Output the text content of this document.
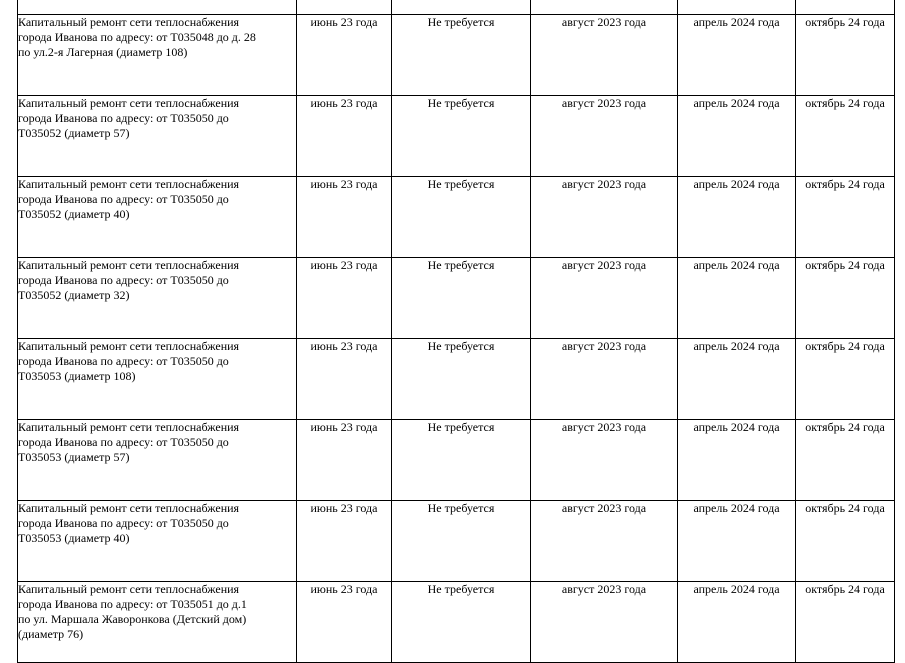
Капитальный ремонт сети теплоснабжения
города Иванова по адресу: от Т035048 до д. 28
по ул.2-я Лагерная (диаметр 108)	июнь 23 года	Не требуется	август 2023 года	апрель 2024 года	октябрь 24 года
Капитальный ремонт сети теплоснабжения
города Иванова по адресу: от Т035050 до
Т035052 (диаметр 57)	июнь 23 года	Не требуется	август 2023 года	апрель 2024 года	октябрь 24 года
Капитальный ремонт сети теплоснабжения
города Иванова по адресу: от Т035050 до
Т035052 (диаметр 40)	июнь 23 года	Не требуется	август 2023 года	апрель 2024 года	октябрь 24 года
Капитальный ремонт сети теплоснабжения
города Иванова по адресу: от Т035050 до
Т035052 (диаметр 32)	июнь 23 года	Не требуется	август 2023 года	апрель 2024 года	октябрь 24 года
Капитальный ремонт сети теплоснабжения
города Иванова по адресу: от Т035050 до
Т035053 (диаметр 108)	июнь 23 года	Не требуется	август 2023 года	апрель 2024 года	октябрь 24 года
Капитальный ремонт сети теплоснабжения
города Иванова по адресу: от Т035050 до
Т035053 (диаметр 57)	июнь 23 года	Не требуется	август 2023 года	апрель 2024 года	октябрь 24 года
Капитальный ремонт сети теплоснабжения
города Иванова по адресу: от Т035050 до
Т035053 (диаметр 40)	июнь 23 года	Не требуется	август 2023 года	апрель 2024 года	октябрь 24 года
Капитальный ремонт сети теплоснабжения
города Иванова по адресу: от Т035051 до д.1
по ул. Маршала Жаворонкова (Детский дом)
(диаметр 76)	июнь 23 года	Не требуется	август 2023 года	апрель 2024 года	октябрь 24 года
